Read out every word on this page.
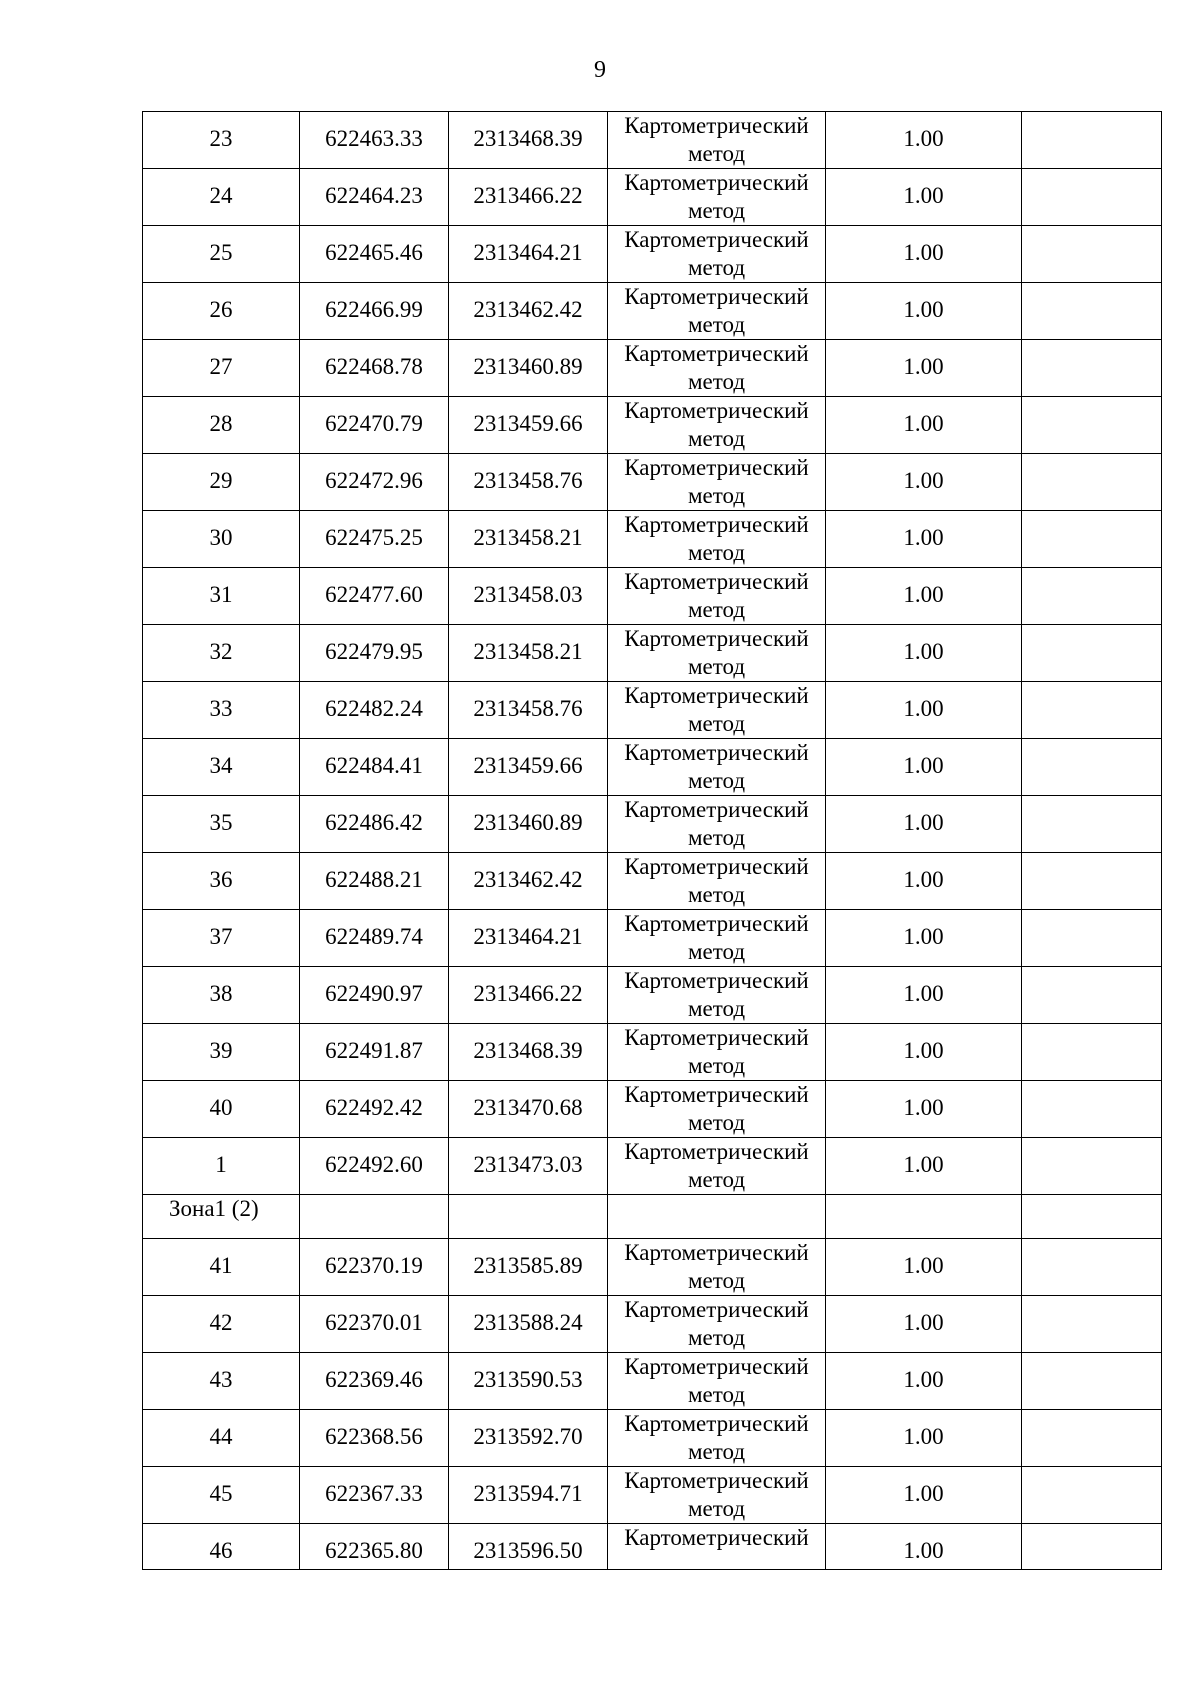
9
23	622463.33	2313468.39	Картометрический
метод	1.00	

24	622464.23	2313466.22	Картометрический
метод	1.00	

25	622465.46	2313464.21	Картометрический
метод	1.00	

26	622466.99	2313462.42	Картометрический
метод	1.00	

27	622468.78	2313460.89	Картометрический
метод	1.00	

28	622470.79	2313459.66	Картометрический
метод	1.00	

29	622472.96	2313458.76	Картометрический
метод	1.00	

30	622475.25	2313458.21	Картометрический
метод	1.00	

31	622477.60	2313458.03	Картометрический
метод	1.00	

32	622479.95	2313458.21	Картометрический
метод	1.00	

33	622482.24	2313458.76	Картометрический
метод	1.00	

34	622484.41	2313459.66	Картометрический
метод	1.00	

35	622486.42	2313460.89	Картометрический
метод	1.00	

36	622488.21	2313462.42	Картометрический
метод	1.00	

37	622489.74	2313464.21	Картометрический
метод	1.00	

38	622490.97	2313466.22	Картометрический
метод	1.00	

39	622491.87	2313468.39	Картометрический
метод	1.00	

40	622492.42	2313470.68	Картометрический
метод	1.00	

1	622492.60	2313473.03	Картометрический
метод	1.00	

Зона1 (2)					

41	622370.19	2313585.89	Картометрический
метод	1.00	

42	622370.01	2313588.24	Картометрический
метод	1.00	

43	622369.46	2313590.53	Картометрический
метод	1.00	

44	622368.56	2313592.70	Картометрический
метод	1.00	

45	622367.33	2313594.71	Картометрический
метод	1.00	

46	622365.80	2313596.50	Картометрический	1.00	
